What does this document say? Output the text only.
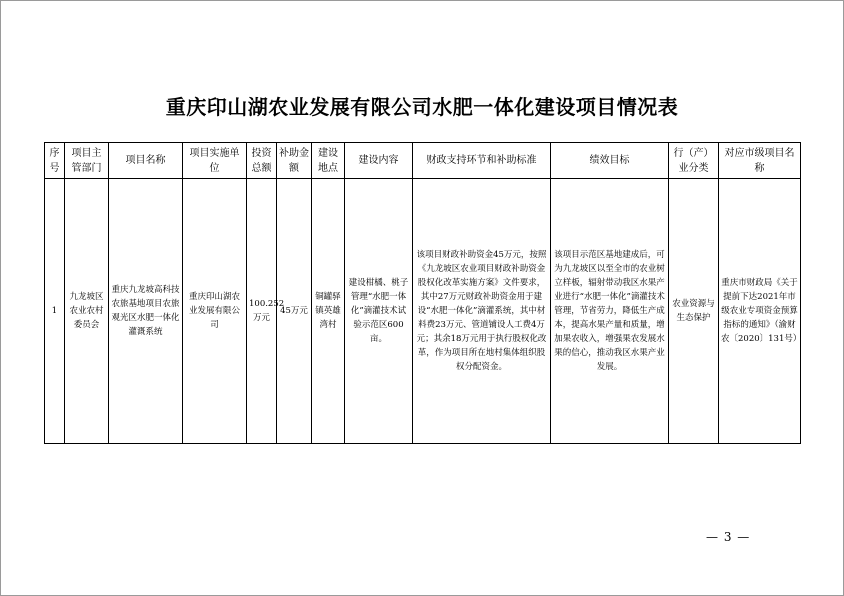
重庆印山湖农业发展有限公司水肥一体化建设项目情况表
序号	项目主管部门	项目名称	项目实施单位	投资总额	补助金额	建设地点	建设内容	财政支持环节和补助标准	绩效目标	行（产）业分类	对应市级项目名称
1	九龙坡区农业农村委员会	重庆九龙坡高科技农旅基地项目农旅观光区水肥一体化灌溉系统	重庆印山湖农业发展有限公司	100.252万元	45万元	铜罐驿镇英雄湾村	建设柑橘、桃子管理“水肥一体化”滴灌技术试验示范区600亩。	该项目财政补助资金45万元，按照《九龙坡区农业项目财政补助资金股权化改革实施方案》文件要求，其中27万元财政补助资金用于建设“水肥一体化”滴灌系统，其中材料费23万元、管道铺设人工费4万元；其余18万元用于执行股权化改革，作为项目所在地村集体组织股权分配资金。	该项目示范区基地建成后，可为九龙坡区以至全市的农业树立样板，辐射带动我区水果产业进行“水肥一体化”滴灌技术管理，节省劳力，降低生产成本，提高水果产量和质量，增加果农收入，增强果农发展水果的信心，推动我区水果产业发展。	农业资源与生态保护	重庆市财政局《关于提前下达2021年市级农业专项资金预算指标的通知》（渝财农〔2020〕131号）
— 3 —
